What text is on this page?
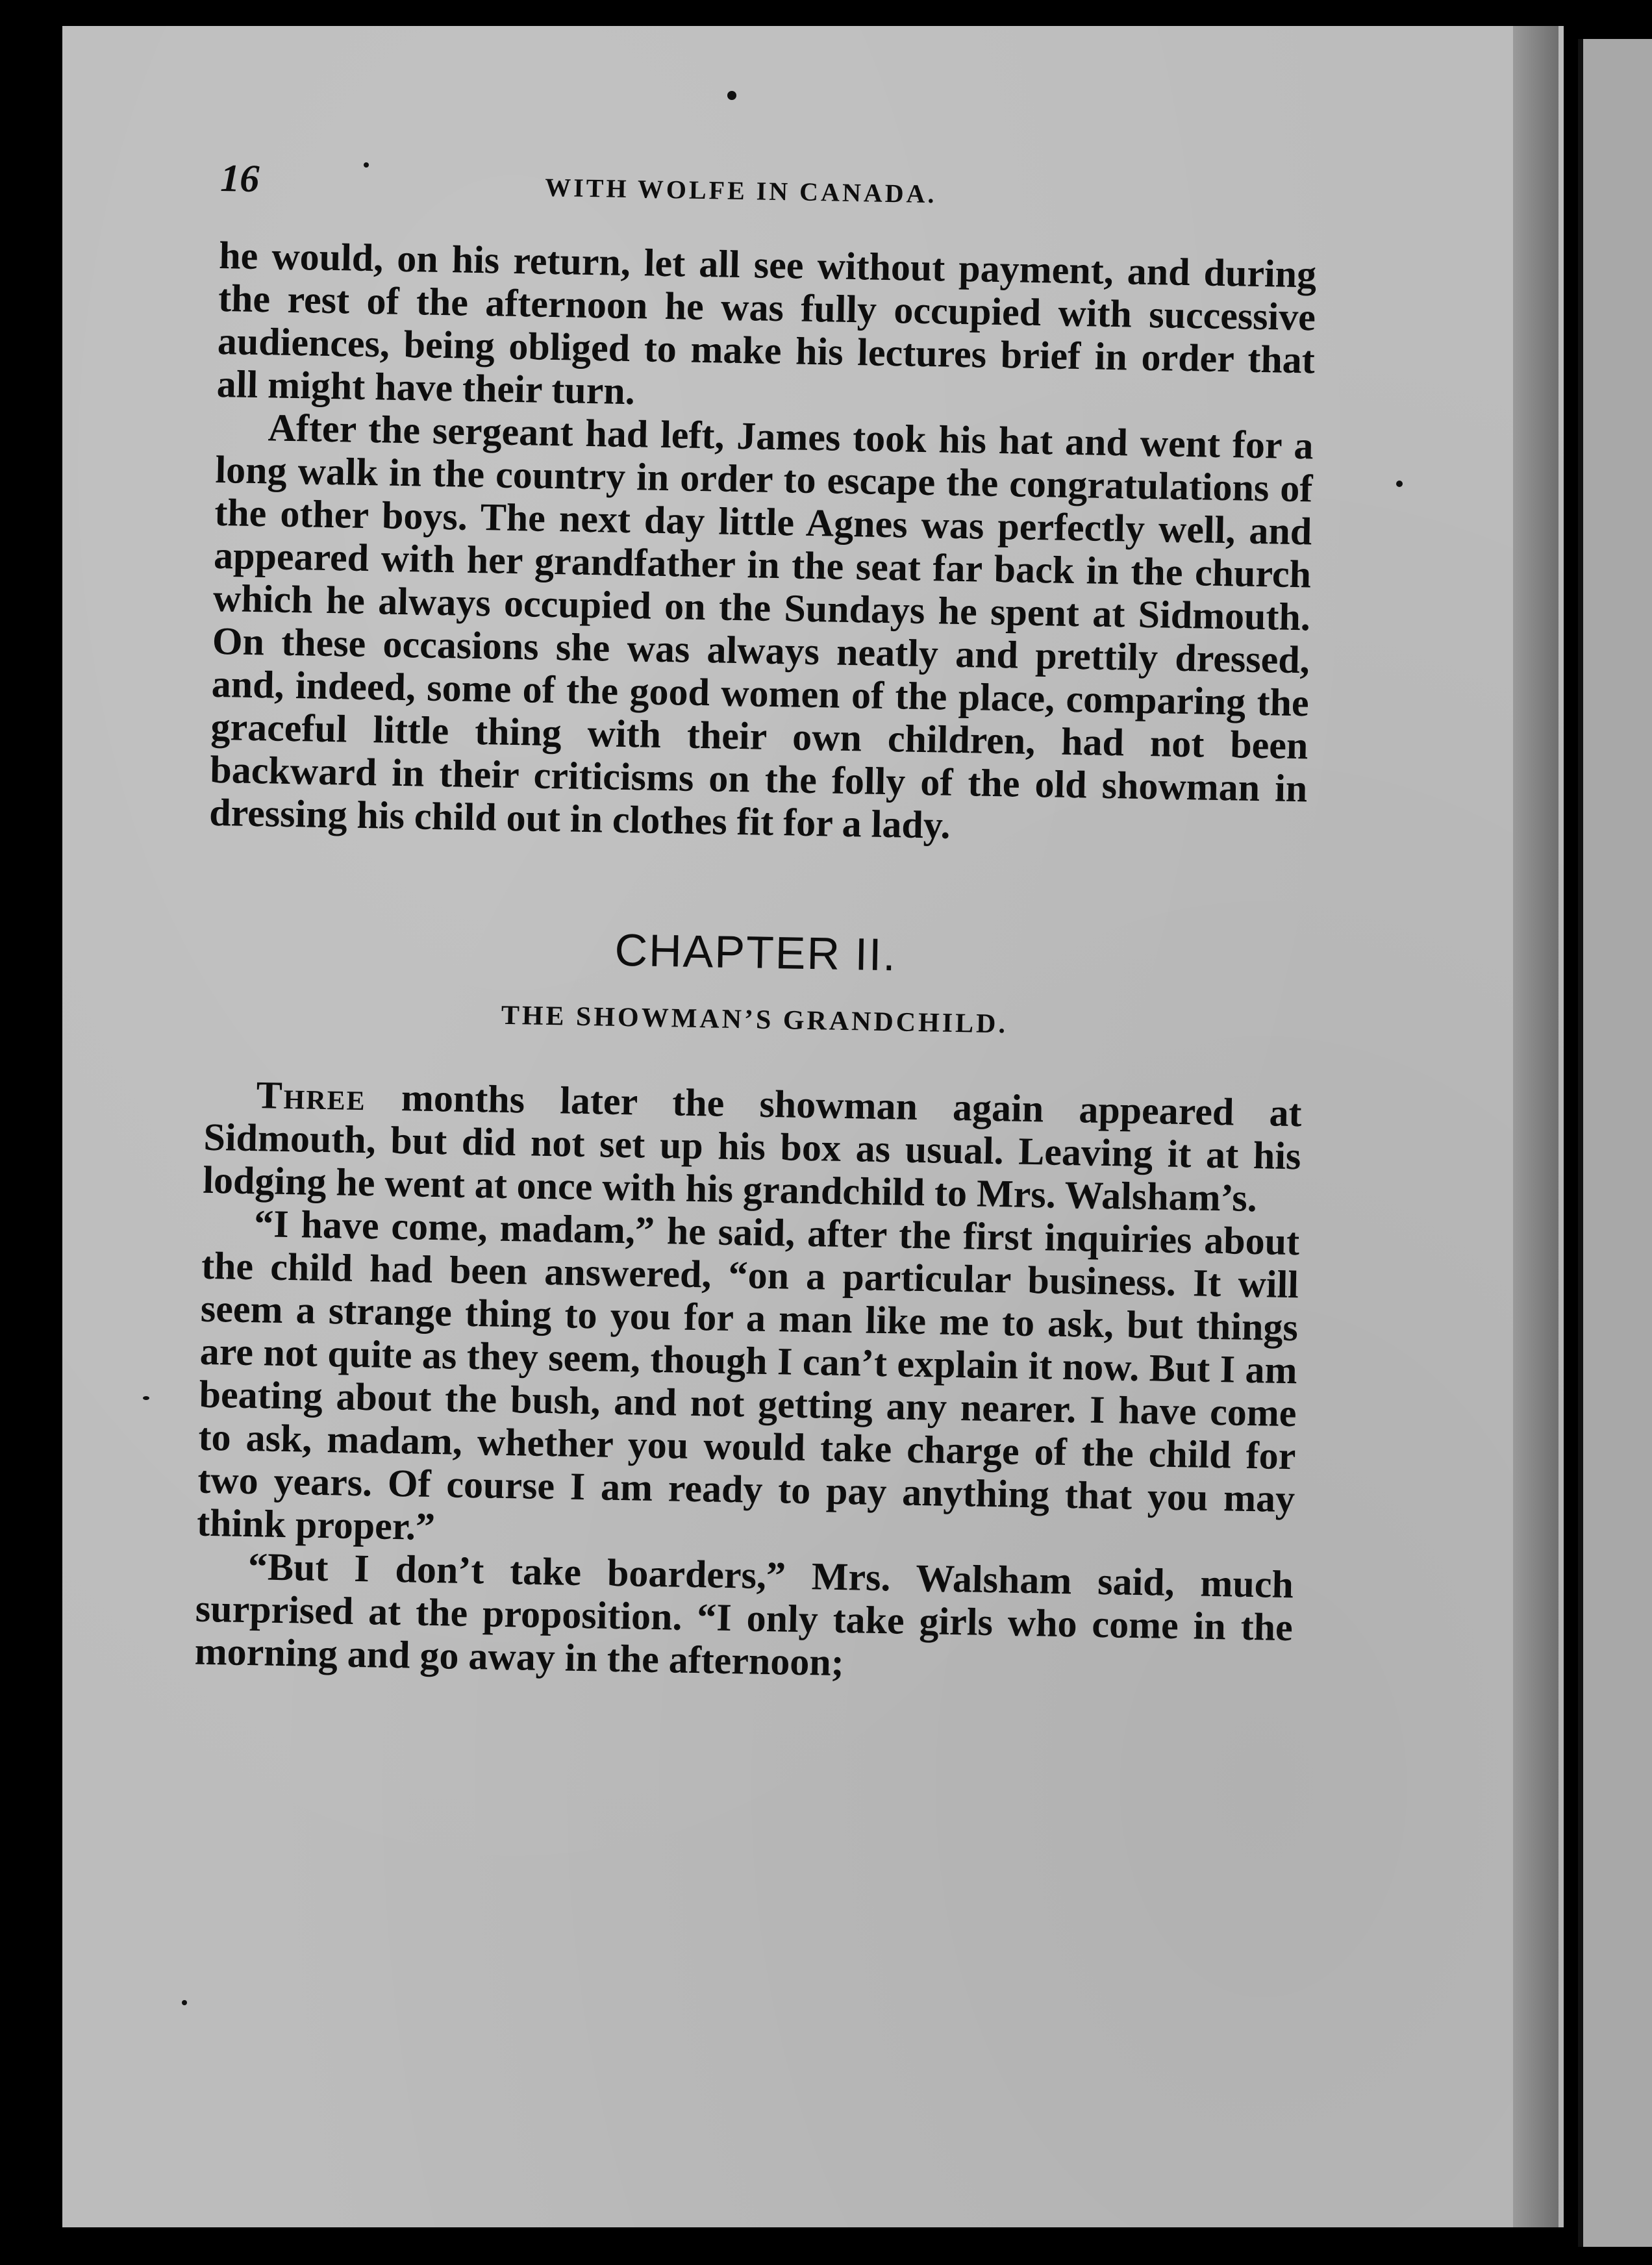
16	WITH WOLFE IN CANADA.

he would, on his return, let all see without payment, and during the rest of the afternoon he was fully occupied with successive audiences, being obliged to make his lectures brief in order that all might have their turn.

After the sergeant had left, James took his hat and went for a long walk in the country in order to escape the congratulations of the other boys. The next day little Agnes was perfectly well, and appeared with her grandfather in the seat far back in the church which he always occupied on the Sundays he spent at Sidmouth. On these occasions she was always neatly and prettily dressed, and, indeed, some of the good women of the place, comparing the graceful little thing with their own children, had not been backward in their criticisms on the folly of the old showman in dressing his child out in clothes fit for a lady.

CHAPTER II.
THE SHOWMAN’S GRANDCHILD.

Three months later the showman again appeared at Sidmouth, but did not set up his box as usual. Leaving it at his lodging he went at once with his grandchild to Mrs. Walsham’s.

“I have come, madam,” he said, after the first inquiries about the child had been answered, “on a particular business. It will seem a strange thing to you for a man like me to ask, but things are not quite as they seem, though I can’t explain it now. But I am beating about the bush, and not getting any nearer. I have come to ask, madam, whether you would take charge of the child for two years. Of course I am ready to pay anything that you may think proper.”

“But I don’t take boarders,” Mrs. Walsham said, much surprised at the proposition. “I only take girls who come in the morning and go away in the afternoon;
